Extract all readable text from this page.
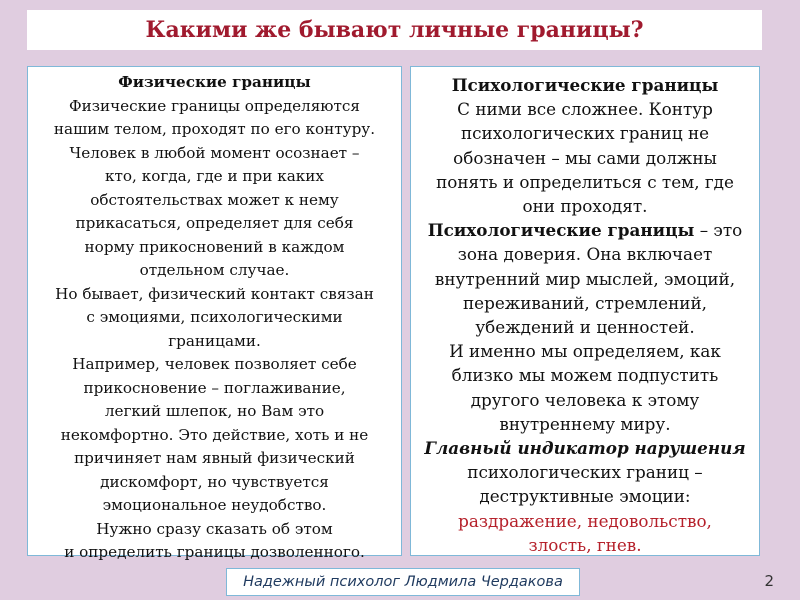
Какими же бывают личные границы?

Физические границы

Физические границы определяются

нашим телом, проходят по его контуру.

Человек в любой момент осознает –

кто, когда, где и при каких

обстоятельствах может к нему

прикасаться, определяет для себя

норму прикосновений в каждом

отдельном случае.

Но бывает, физический контакт связан

с эмоциями, психологическими

границами.

Например, человек позволяет себе

прикосновение – поглаживание,

легкий шлепок, но Вам это

некомфортно. Это действие, хоть и не

причиняет нам явный физический

дискомфорт, но чувствуется

эмоциональное неудобство.

Нужно сразу сказать об этом

и определить границы дозволенного.

Психологические границы

С ними все сложнее. Контур

психологических границ не

обозначен – мы сами должны

понять и определиться с тем, где

они проходят.

Психологические границы – это

зона доверия. Она включает

внутренний мир мыслей, эмоций,

переживаний, стремлений,

убеждений и ценностей.

И именно мы определяем, как

близко мы можем подпустить

другого человека к этому

внутреннему миру.

Главный индикатор нарушения

психологических границ –

деструктивные эмоции:

раздражение, недовольство,

злость, гнев.

Надежный психолог Людмила Чердакова	2
